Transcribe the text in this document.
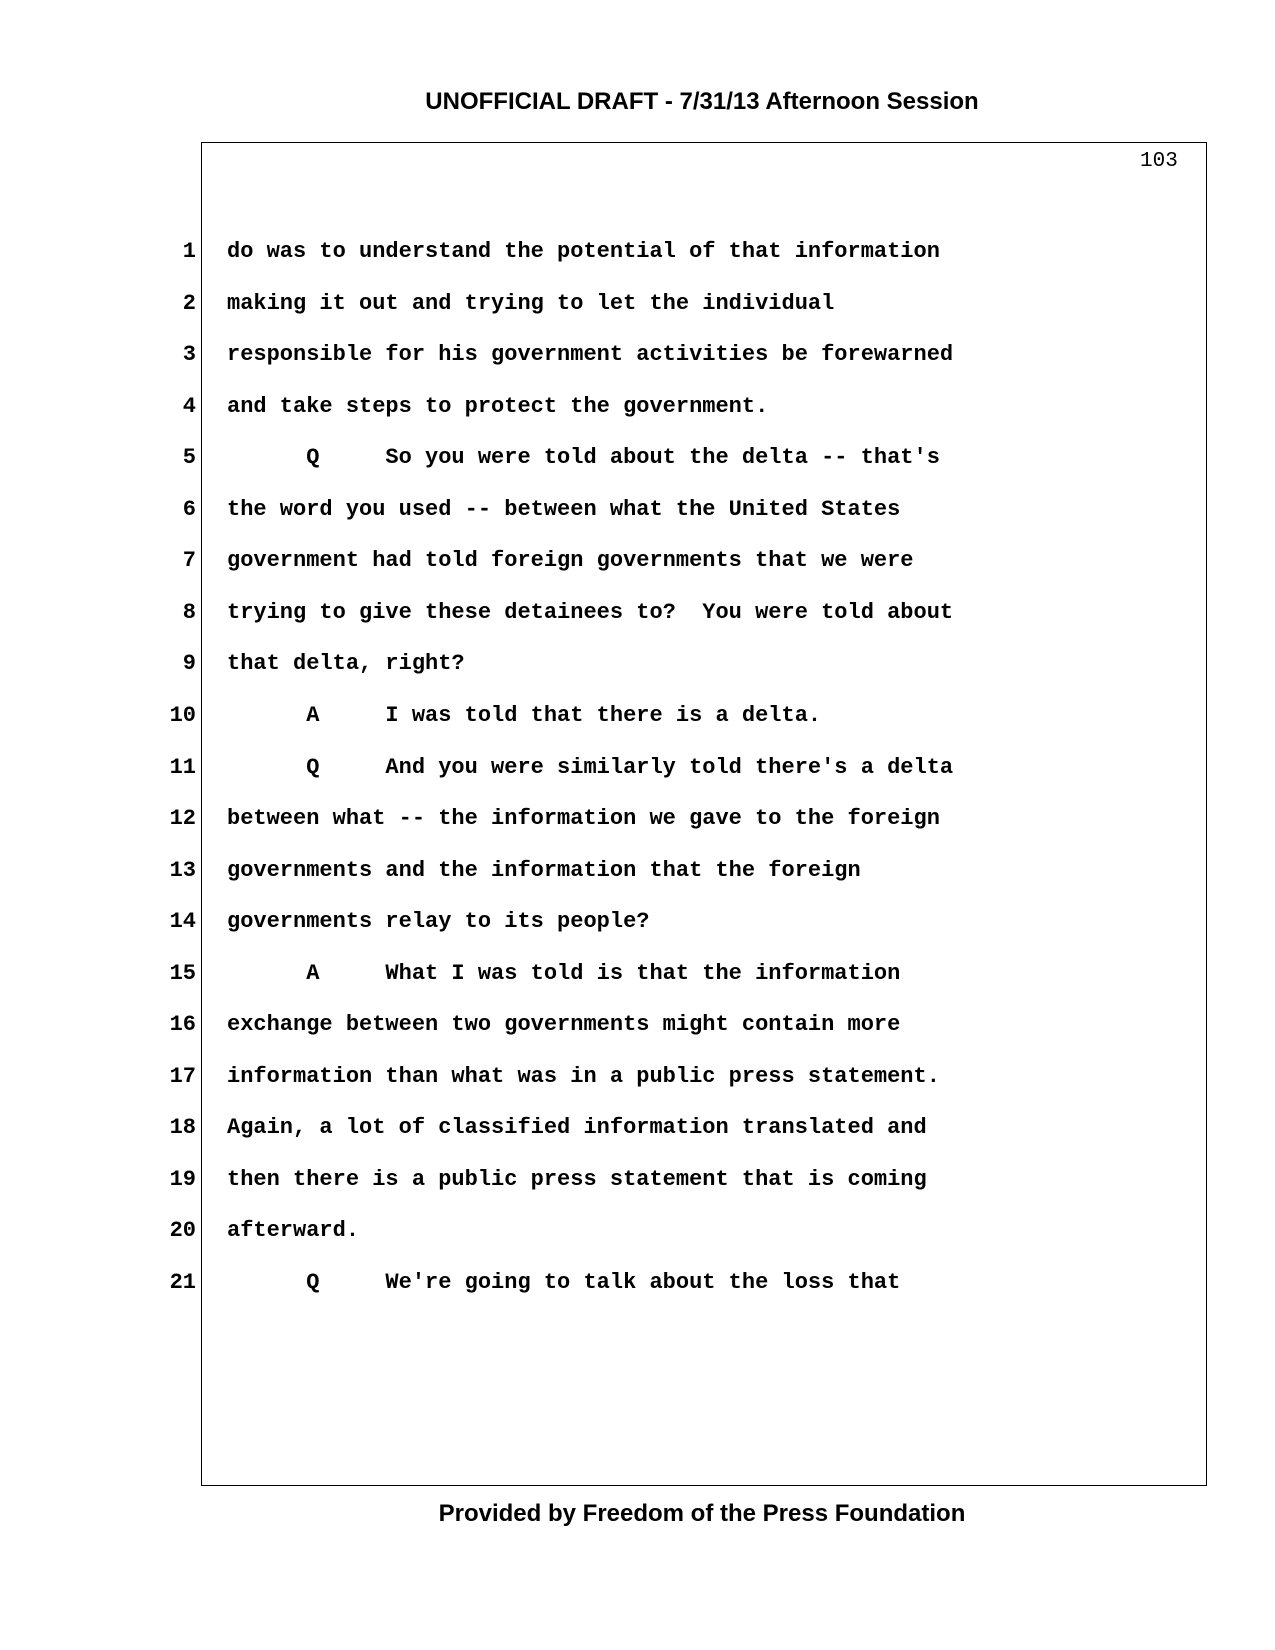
UNOFFICIAL DRAFT - 7/31/13 Afternoon Session
103
1 do was to understand the potential of that information
2 making it out and trying to let the individual
3 responsible for his government activities be forewarned
4 and take steps to protect the government.
5 Q     So you were told about the delta -- that's
6 the word you used -- between what the United States
7 government had told foreign governments that we were
8 trying to give these detainees to?  You were told about
9 that delta, right?
10 A     I was told that there is a delta.
11 Q     And you were similarly told there's a delta
12 between what -- the information we gave to the foreign
13 governments and the information that the foreign
14 governments relay to its people?
15 A     What I was told is that the information
16 exchange between two governments might contain more
17 information than what was in a public press statement.
18 Again, a lot of classified information translated and
19 then there is a public press statement that is coming
20 afterward.
21 Q     We're going to talk about the loss that
Provided by Freedom of the Press Foundation
